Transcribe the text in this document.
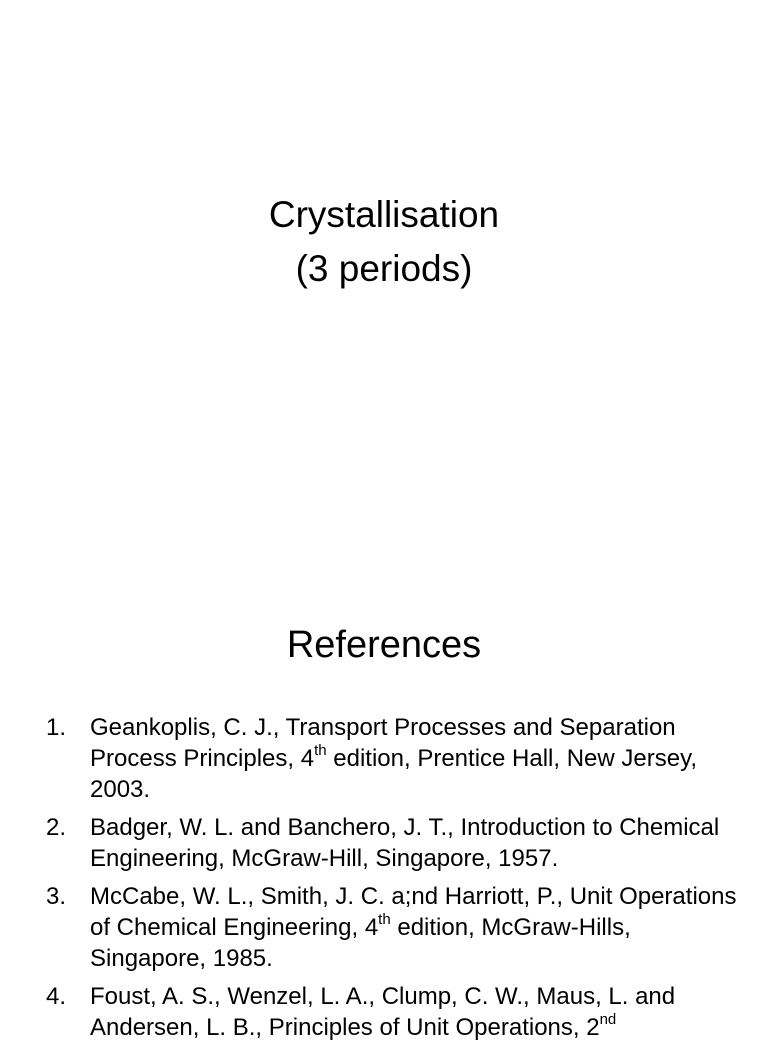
Crystallisation
(3 periods)
References
1. Geankoplis, C. J., Transport Processes and Separation Process Principles, 4th edition, Prentice Hall, New Jersey, 2003.
2. Badger, W. L. and Banchero, J. T., Introduction to Chemical Engineering, McGraw-Hill, Singapore, 1957.
3. McCabe, W. L., Smith, J. C. a;nd Harriott, P., Unit Operations of Chemical Engineering, 4th edition, McGraw-Hills, Singapore, 1985.
4. Foust, A. S., Wenzel, L. A., Clump, C. W., Maus, L. and Andersen, L. B., Principles of Unit Operations, 2nd
